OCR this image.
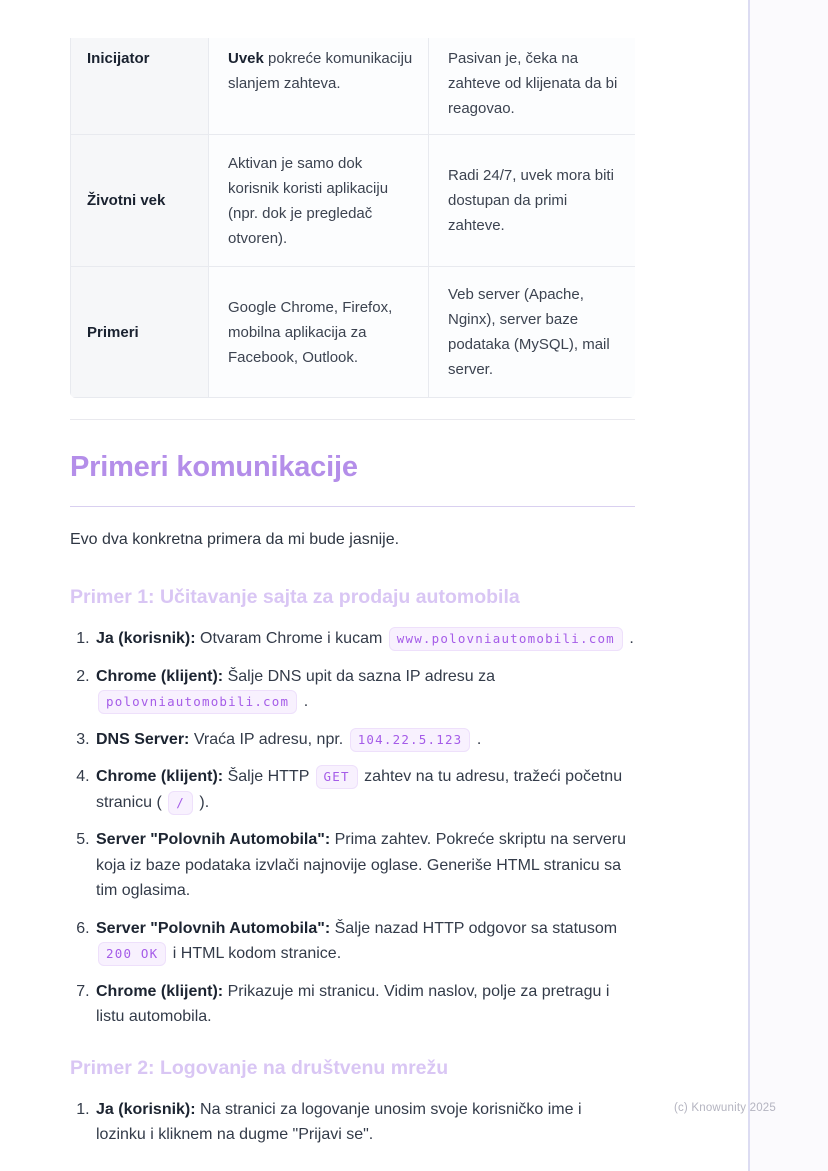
Inicijator	Uvek pokreće komunikaciju slanjem zahteva.	Pasivan je, čeka na zahteve od klijenata da bi reagovao.
Životni vek	Aktivan je samo dok korisnik koristi aplikaciju (npr. dok je pregledač otvoren).	Radi 24/7, uvek mora biti dostupan da primi zahteve.
Primeri	Google Chrome, Firefox, mobilna aplikacija za Facebook, Outlook.	Veb server (Apache, Nginx), server baze podataka (MySQL), mail server.
Primeri komunikacije

Evo dva konkretna primera da mi bude jasnije.

Primer 1: Učitavanje sajta za prodaju automobila
1. Ja (korisnik): Otvaram Chrome i kucam www.polovniautomobili.com .
2. Chrome (klijent): Šalje DNS upit da sazna IP adresu za polovniautomobili.com .
3. DNS Server: Vraća IP adresu, npr. 104.22.5.123 .
4. Chrome (klijent): Šalje HTTP GET zahtev na tu adresu, tražeći početnu stranicu ( / ).
5. Server "Polovnih Automobila": Prima zahtev. Pokreće skriptu na serveru koja iz baze podataka izvlači najnovije oglase. Generiše HTML stranicu sa tim oglasima.
6. Server "Polovnih Automobila": Šalje nazad HTTP odgovor sa statusom 200 OK i HTML kodom stranice.
7. Chrome (klijent): Prikazuje mi stranicu. Vidim naslov, polje za pretragu i listu automobila.
Primer 2: Logovanje na društvenu mrežu
1. Ja (korisnik): Na stranici za logovanje unosim svoje korisničko ime i lozinku i kliknem na dugme "Prijavi se".
(c) Knowunity 2025
